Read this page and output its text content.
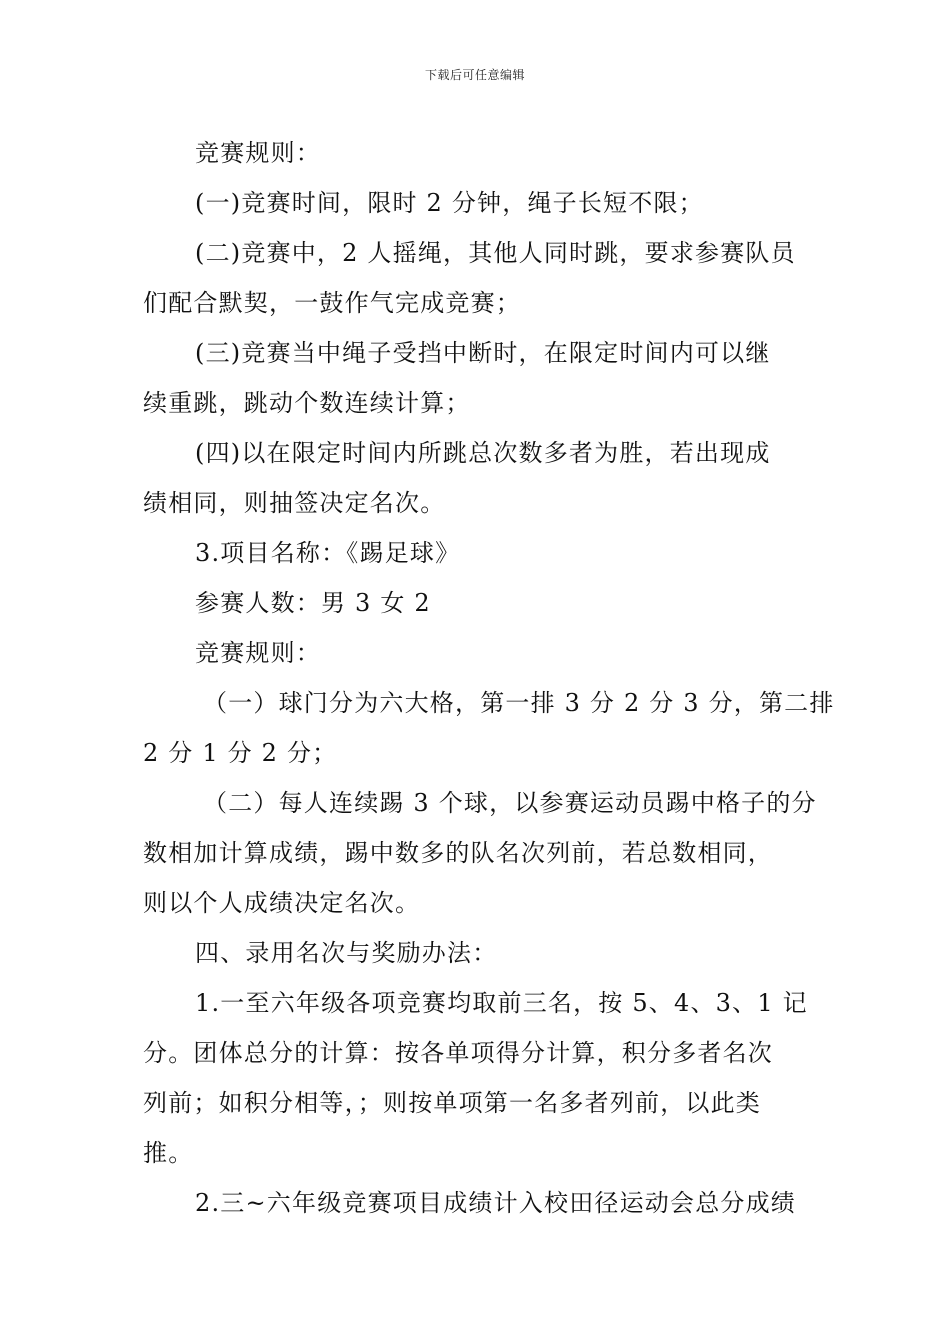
下载后可任意编辑
竞赛规则：
(一)竞赛时间，限时 2 分钟，绳子长短不限；
(二)竞赛中，2 人摇绳，其他人同时跳，要求参赛队员
们配合默契，一鼓作气完成竞赛；
(三)竞赛当中绳子受挡中断时，在限定时间内可以继
续重跳，跳动个数连续计算；
(四)以在限定时间内所跳总次数多者为胜，若出现成
绩相同，则抽签决定名次。
3.项目名称：《踢足球》
参赛人数：男 3 女 2
竞赛规则：
（一）球门分为六大格，第一排 3 分 2 分 3 分，第二排
2 分 1 分 2 分；
（二）每人连续踢 3 个球，以参赛运动员踢中格子的分
数相加计算成绩，踢中数多的队名次列前，若总数相同，
则以个人成绩决定名次。
四、录用名次与奖励办法：
1.一至六年级各项竞赛均取前三名，按 5、4、3、1 记
分。团体总分的计算：按各单项得分计算，积分多者名次
列前；如积分相等，；则按单项第一名多者列前，以此类
推。
2.三~六年级竞赛项目成绩计入校田径运动会总分成绩
